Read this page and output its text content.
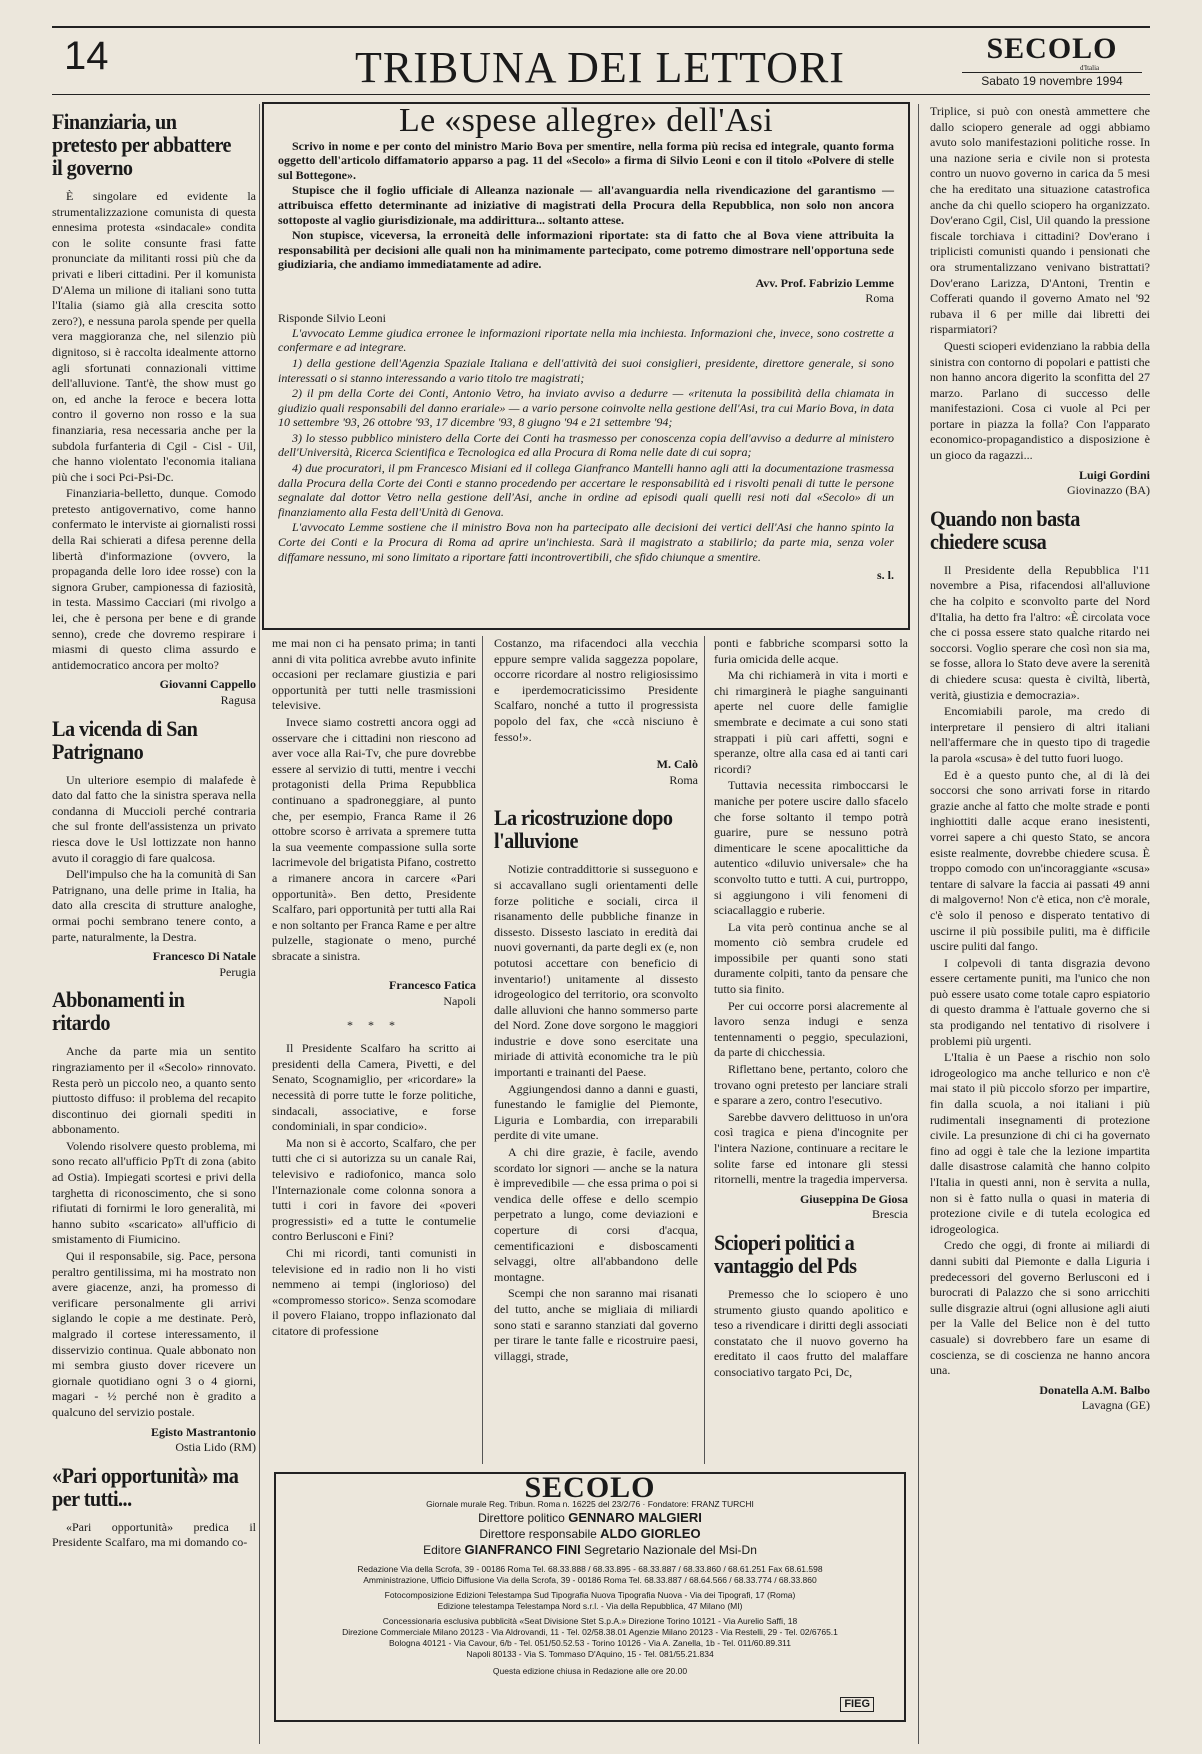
14	TRIBUNA DEI LETTORI	SECOLO
d'Italia
Sabato 19 novembre 1994
Finanziaria, un pretesto per abbattere il governo

È singolare ed evidente la strumentalizzazione comunista di questa ennesima protesta «sindacale» condita con le solite consunte frasi fatte pronunciate da militanti rossi più che da privati e liberi cittadini. Per il komunista D'Alema un milione di italiani sono tutta l'Italia (siamo già alla crescita sotto zero?), e nessuna parola spende per quella vera maggioranza che, nel silenzio più dignitoso, si è raccolta idealmente attorno agli sfortunati connazionali vittime dell'alluvione. Tant'è, the show must go on, ed anche la feroce e becera lotta contro il governo non rosso e la sua finanziaria, resa necessaria anche per la subdola furfanteria di Cgil - Cisl - Uil, che hanno violentato l'economia italiana più che i soci Pci-Psi-Dc.

Finanziaria-belletto, dunque. Comodo pretesto antigovernativo, come hanno confermato le interviste ai giornalisti rossi della Rai schierati a difesa perenne della libertà d'informazione (ovvero, la propaganda delle loro idee rosse) con la signora Gruber, campionessa di faziosità, in testa. Massimo Cacciari (mi rivolgo a lei, che è persona per bene e di grande senno), crede che dovremo respirare i miasmi di questo clima assurdo e antidemocratico ancora per molto?

Giovanni Cappello
Ragusa
La vicenda di San Patrignano

Un ulteriore esempio di malafede è dato dal fatto che la sinistra sperava nella condanna di Muccioli perché contraria che sul fronte dell'assistenza un privato riesca dove le Usl lottizzate non hanno avuto il coraggio di fare qualcosa.

Dell'impulso che ha la comunità di San Patrignano, una delle prime in Italia, ha dato alla crescita di strutture analoghe, ormai pochi sembrano tenere conto, a parte, naturalmente, la Destra.

Francesco Di Natale
Perugia
Abbonamenti in ritardo

Anche da parte mia un sentito ringraziamento per il «Secolo» rinnovato. Resta però un piccolo neo, a quanto sento piuttosto diffuso: il problema del recapito discontinuo dei giornali spediti in abbonamento.

Volendo risolvere questo problema, mi sono recato all'ufficio PpTt di zona (abito ad Ostia). Impiegati scortesi e privi della targhetta di riconoscimento, che si sono rifiutati di fornirmi le loro generalità, mi hanno subito «scaricato» all'ufficio di smistamento di Fiumicino.

Qui il responsabile, sig. Pace, persona peraltro gentilissima, mi ha mostrato non avere giacenze, anzi, ha promesso di verificare personalmente gli arrivi siglando le copie a me destinate. Però, malgrado il cortese interessamento, il disservizio continua. Quale abbonato non mi sembra giusto dover ricevere un giornale quotidiano ogni 3 o 4 giorni, magari - ½ perché non è gradito a qualcuno del servizio postale.

Egisto Mastrantonio
Ostia Lido (RM)
«Pari opportunità» ma per tutti...

«Pari opportunità» predica il Presidente Scalfaro, ma mi domando co-

Le «spese allegre» dell'Asi

Scrivo in nome e per conto del ministro Mario Bova per smentire, nella forma più recisa ed integrale, quanto forma oggetto dell'articolo diffamatorio apparso a pag. 11 del «Secolo» a firma di Silvio Leoni e con il titolo «Polvere di stelle sul Bottegone».

Stupisce che il foglio ufficiale di Alleanza nazionale — all'avanguardia nella rivendicazione del garantismo — attribuisca effetto determinante ad iniziative di magistrati della Procura della Repubblica, non solo non ancora sottoposte al vaglio giurisdizionale, ma addirittura... soltanto attese.

Non stupisce, viceversa, la erroneità delle informazioni riportate: sta di fatto che al Bova viene attribuita la responsabilità per decisioni alle quali non ha minimamente partecipato, come potremo dimostrare nell'opportuna sede giudiziaria, che andiamo immediatamente ad adire.

Avv. Prof. Fabrizio Lemme
Roma
Risponde Silvio Leoni

L'avvocato Lemme giudica erronee le informazioni riportate nella mia inchiesta. Informazioni che, invece, sono costrette a confermare e ad integrare.

1) della gestione dell'Agenzia Spaziale Italiana e dell'attività dei suoi consiglieri, presidente, direttore generale, si sono interessati o si stanno interessando a vario titolo tre magistrati;

2) il pm della Corte dei Conti, Antonio Vetro, ha inviato avviso a dedurre — «ritenuta la possibilità della chiamata in giudizio quali responsabili del danno erariale» — a vario persone coinvolte nella gestione dell'Asi, tra cui Mario Bova, in data 10 settembre '93, 26 ottobre '93, 17 dicembre '93, 8 giugno '94 e 21 settembre '94;

3) lo stesso pubblico ministero della Corte dei Conti ha trasmesso per conoscenza copia dell'avviso a dedurre al ministero dell'Università, Ricerca Scientifica e Tecnologica ed alla Procura di Roma nelle date di cui sopra;

4) due procuratori, il pm Francesco Misiani ed il collega Gianfranco Mantelli hanno agli atti la documentazione trasmessa dalla Procura della Corte dei Conti e stanno procedendo per accertare le responsabilità ed i risvolti penali di tutte le persone segnalate dal dottor Vetro nella gestione dell'Asi, anche in ordine ad episodi quali quelli resi noti dal «Secolo» di un finanziamento alla Festa dell'Unità di Genova.

L'avvocato Lemme sostiene che il ministro Bova non ha partecipato alle decisioni dei vertici dell'Asi che hanno spinto la Corte dei Conti e la Procura di Roma ad aprire un'inchiesta. Sarà il magistrato a stabilirlo; da parte mia, senza voler diffamare nessuno, mi sono limitato a riportare fatti incontrovertibili, che sfido chiunque a smentire.

s. l.

me mai non ci ha pensato prima; in tanti anni di vita politica avrebbe avuto infinite occasioni per reclamare giustizia e pari opportunità per tutti nelle trasmissioni televisive.

Invece siamo costretti ancora oggi ad osservare che i cittadini non riescono ad aver voce alla Rai-Tv, che pure dovrebbe essere al servizio di tutti, mentre i vecchi protagonisti della Prima Repubblica continuano a spadroneggiare, al punto che, per esempio, Franca Rame il 26 ottobre scorso è arrivata a spremere tutta la sua veemente compassione sulla sorte lacrimevole del brigatista Pifano, costretto a rimanere ancora in carcere «Pari opportunità». Ben detto, Presidente Scalfaro, pari opportunità per tutti alla Rai e non soltanto per Franca Rame e per altre pulzelle, stagionate o meno, purché sbracate a sinistra.

Francesco Fatica
Napoli
* * *

Il Presidente Scalfaro ha scritto ai presidenti della Camera, Pivetti, e del Senato, Scognamiglio, per «ricordare» la necessità di porre tutte le forze politiche, sindacali, associative, e forse condominiali, in spar condicio».

Ma non si è accorto, Scalfaro, che per tutti che ci si autorizza su un canale Rai, televisivo e radiofonico, manca solo l'Internazionale come colonna sonora a tutti i cori in favore dei «poveri progressisti» ed a tutte le contumelie contro Berlusconi e Fini?

Chi mi ricordi, tanti comunisti in televisione ed in radio non li ho visti nemmeno ai tempi (inglorioso) del «compromesso storico». Senza scomodare il povero Flaiano, troppo inflazionato dal citatore di professione

Costanzo, ma rifacendoci alla vecchia eppure sempre valida saggezza popolare, occorre ricordare al nostro religiosissimo e iperdemocraticissimo Presidente Scalfaro, nonché a tutto il progressista popolo del fax, che «ccà nisciuno è fesso!».

M. Calò
Roma
La ricostruzione dopo l'alluvione

Notizie contraddittorie si susseguono e si accavallano sugli orientamenti delle forze politiche e sociali, circa il risanamento delle pubbliche finanze in dissesto. Dissesto lasciato in eredità dai nuovi governanti, da parte degli ex (e, non potutosi accettare con beneficio di inventario!) unitamente al dissesto idrogeologico del territorio, ora sconvolto dalle alluvioni che hanno sommerso parte del Nord. Zone dove sorgono le maggiori industrie e dove sono esercitate una miriade di attività economiche tra le più importanti e trainanti del Paese.

Aggiungendosi danno a danni e guasti, funestando le famiglie del Piemonte, Liguria e Lombardia, con irreparabili perdite di vite umane.

A chi dire grazie, è facile, avendo scordato lor signori — anche se la natura è imprevedibile — che essa prima o poi si vendica delle offese e dello scempio perpetrato a lungo, come deviazioni e coperture di corsi d'acqua, cementificazioni e disboscamenti selvaggi, oltre all'abbandono delle montagne.

Scempi che non saranno mai risanati del tutto, anche se migliaia di miliardi sono stati e saranno stanziati dal governo per tirare le tante falle e ricostruire paesi, villaggi, strade,

ponti e fabbriche scomparsi sotto la furia omicida delle acque.

Ma chi richiamerà in vita i morti e chi rimarginerà le piaghe sanguinanti aperte nel cuore delle famiglie smembrate e decimate a cui sono stati strappati i più cari affetti, sogni e speranze, oltre alla casa ed ai tanti cari ricordi?

Tuttavia necessita rimboccarsi le maniche per potere uscire dallo sfacelo che forse soltanto il tempo potrà guarire, pure se nessuno potrà dimenticare le scene apocalittiche da autentico «diluvio universale» che ha sconvolto tutto e tutti. A cui, purtroppo, si aggiungono i vili fenomeni di sciacallaggio e ruberie.

La vita però continua anche se al momento ciò sembra crudele ed impossibile per quanti sono stati duramente colpiti, tanto da pensare che tutto sia finito.

Per cui occorre porsi alacremente al lavoro senza indugi e senza tentennamenti o peggio, speculazioni, da parte di chicchessia.

Riflettano bene, pertanto, coloro che trovano ogni pretesto per lanciare strali e sparare a zero, contro l'esecutivo.

Sarebbe davvero delittuoso in un'ora così tragica e piena d'incognite per l'intera Nazione, continuare a recitare le solite farse ed intonare gli stessi ritornelli, mentre la tragedia imperversa.

Giuseppina De Giosa
Brescia
Scioperi politici a vantaggio del Pds

Premesso che lo sciopero è uno strumento giusto quando apolitico e teso a rivendicare i diritti degli associati constatato che il nuovo governo ha ereditato il caos frutto del malaffare consociativo targato Pci, Dc,

Triplice, si può con onestà ammettere che dallo sciopero generale ad oggi abbiamo avuto solo manifestazioni politiche rosse. In una nazione seria e civile non si protesta contro un nuovo governo in carica da 5 mesi che ha ereditato una situazione catastrofica anche da chi quello sciopero ha organizzato. Dov'erano Cgil, Cisl, Uil quando la pressione fiscale torchiava i cittadini? Dov'erano i triplicisti comunisti quando i pensionati che ora strumentalizzano venivano bistrattati? Dov'erano Larizza, D'Antoni, Trentin e Cofferati quando il governo Amato nel '92 rubava il 6 per mille dai libretti dei risparmiatori?

Questi scioperi evidenziano la rabbia della sinistra con contorno di popolari e pattisti che non hanno ancora digerito la sconfitta del 27 marzo. Parlano di successo delle manifestazioni. Cosa ci vuole al Pci per portare in piazza la folla? Con l'apparato economico-propagandistico a disposizione è un gioco da ragazzi...

Luigi Gordini
Giovinazzo (BA)
Quando non basta chiedere scusa

Il Presidente della Repubblica l'11 novembre a Pisa, rifacendosi all'alluvione che ha colpito e sconvolto parte del Nord d'Italia, ha detto fra l'altro: «È circolata voce che ci possa essere stato qualche ritardo nei soccorsi. Voglio sperare che così non sia ma, se fosse, allora lo Stato deve avere la serenità di chiedere scusa: questa è civiltà, libertà, verità, giustizia e democrazia».

Encomiabili parole, ma credo di interpretare il pensiero di altri italiani nell'affermare che in questo tipo di tragedie la parola «scusa» è del tutto fuori luogo.

Ed è a questo punto che, al di là dei soccorsi che sono arrivati forse in ritardo grazie anche al fatto che molte strade e ponti inghiottiti dalle acque erano inesistenti, vorrei sapere a chi questo Stato, se ancora esiste realmente, dovrebbe chiedere scusa. È troppo comodo con un'incoraggiante «scusa» tentare di salvare la faccia ai passati 49 anni di malgoverno! Non c'è etica, non c'è morale, c'è solo il penoso e disperato tentativo di uscirne il più possibile puliti, ma è difficile uscire puliti dal fango.

I colpevoli di tanta disgrazia devono essere certamente puniti, ma l'unico che non può essere usato come totale capro espiatorio di questo dramma è l'attuale governo che si sta prodigando nel tentativo di risolvere i problemi più urgenti.

L'Italia è un Paese a rischio non solo idrogeologico ma anche tellurico e non c'è mai stato il più piccolo sforzo per impartire, fin dalla scuola, a noi italiani i più rudimentali insegnamenti di protezione civile. La presunzione di chi ci ha governato fino ad oggi è tale che la lezione impartita dalle disastrose calamità che hanno colpito l'Italia in questi anni, non è servita a nulla, non si è fatto nulla o quasi in materia di protezione civile e di tutela ecologica ed idrogeologica.

Credo che oggi, di fronte ai miliardi di danni subiti dal Piemonte e dalla Liguria i predecessori del governo Berlusconi ed i burocrati di Palazzo che si sono arricchiti sulle disgrazie altrui (ogni allusione agli aiuti per la Valle del Belice non è del tutto casuale) si dovrebbero fare un esame di coscienza, se di coscienza ne hanno ancora una.

Donatella A.M. Balbo
Lavagna (GE)
SECOLO
Giornale murale Reg. Tribun. Roma n. 16225 del 23/2/76 · Fondatore: FRANZ TURCHI
Direttore politico GENNARO MALGIERI
Direttore responsabile ALDO GIORLEO
Editore GIANFRANCO FINI Segretario Nazionale del Msi-Dn
Redazione Via della Scrofa, 39 - 00186 Roma Tel. 68.33.888 / 68.33.895 - 68.33.887 / 68.33.860 / 68.61.251 Fax 68.61.598
Amministrazione, Ufficio Diffusione Via della Scrofa, 39 - 00186 Roma Tel. 68.33.887 / 68.64.566 / 68.33.774 / 68.33.860
Fotocomposizione Edizioni Telestampa Sud Tipografia Nuova Tipografia Nuova - Via dei Tipografi, 17 (Roma)
Edizione telestampa Telestampa Nord s.r.l. - Via della Repubblica, 47 Milano (MI)
Concessionaria esclusiva pubblicità «Seat Divisione Stet S.p.A.» Direzione Torino 10121 - Via Aurelio Saffi, 18
Direzione Commerciale Milano 20123 - Via Aldrovandi, 11 - Tel. 02/58.38.01 Agenzie Milano 20123 - Via Restelli, 29 - Tel. 02/6765.1
Bologna 40121 - Via Cavour, 6/b - Tel. 051/50.52.53 - Torino 10126 - Via A. Zanella, 1b - Tel. 011/60.89.311
Napoli 80133 - Via S. Tommaso D'Aquino, 15 - Tel. 081/55.21.834
Questa edizione chiusa in Redazione alle ore 20.00
FIEG
